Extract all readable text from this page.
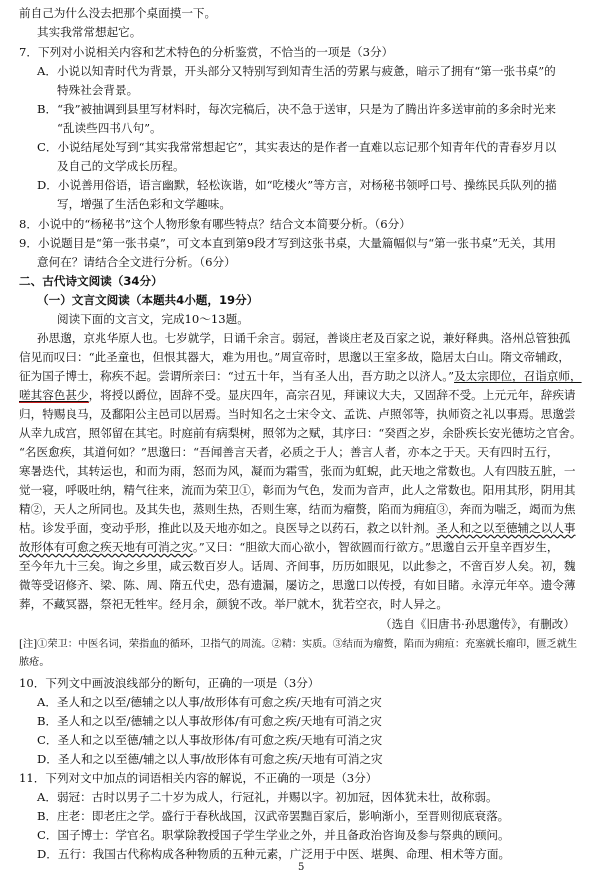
前自己为什么没去把那个桌面摸一下。
其实我常常想起它。
7．下列对小说相关内容和艺术特色的分析鉴赏，不恰当的一项是（3分）
A．小说以知青时代为背景，开头部分又特别写到知青生活的劳累与疲惫，暗示了拥有“第一张书桌”的
特殊社会背景。
B．“我”被抽调到县里写材料时，每次完稿后，决不急于送审，只是为了腾出许多送审前的多余时光来
“乱读些四书八句”。
C．小说结尾处写到“其实我常常想起它”，其实表达的是作者一直难以忘记那个知青年代的青春岁月以
及自己的文学成长历程。
D．小说善用俗语，语言幽默，轻松诙谐，如“吃楼火”等方言，对杨秘书领呼口号、操练民兵队列的描
写，增强了生活色彩和文学趣味。
8．小说中的“杨秘书”这个人物形象有哪些特点？结合文本简要分析。（6分）
9．小说题目是“第一张书桌”，可文本直到第9段才写到这张书桌，大量篇幅似与“第一张书桌”无关，其用
意何在？请结合全文进行分析。（6分）
二、古代诗文阅读（34分）
（一）文言文阅读（本题共4小题，19分）
阅读下面的文言文，完成10～13题。
孙思邈，京兆华原人也。七岁就学，日诵千余言。弱冠，善谈庄老及百家之说，兼好释典。洛州总管独孤
信见而叹曰：“此圣童也，但恨其器大，难为用也。”周宣帝时，思邈以王室多故，隐居太白山。隋文帝辅政，
征为国子博士，称疾不起。尝谓所亲曰：“过五十年，当有圣人出，吾方助之以济人。”及太宗即位，召诣京师，
嗟其容色甚少，将授以爵位，固辞不受。显庆四年，高宗召见，拜谏议大夫，又固辞不受。上元元年，辞疾请
归，特赐良马，及鄱阳公主邑司以居焉。当时知名之士宋令文、孟诜、卢照邻等，执师资之礼以事焉。思邈尝
从幸九成宫，照邻留在其宅。时庭前有病梨树，照邻为之赋，其序曰：“癸酉之岁，余卧疾长安光德坊之官舍。
“名医愈疾，其道何如？”思邈曰：“吾闻善言天者，必质之于人；善言人者，亦本之于天。天有四时五行，
寒暑迭代，其转运也，和而为雨，怒而为风，凝而为霜雪，张而为虹蜺，此天地之常数也。人有四肢五脏，一
觉一寝，呼吸吐纳，精气往来，流而为荣卫①，彰而为气色，发而为音声，此人之常数也。阳用其形，阴用其
精②，天人之所同也。及其失也，蒸则生热，否则生寒，结而为瘤赘，陷而为痈疽③，奔而为喘乏，竭而为焦
枯。诊发乎面，变动乎形，推此以及天地亦如之。良医导之以药石，救之以针剂。圣人和之以至德辅之以人事
故形体有可愈之疾天地有可消之灾。”又曰：“胆欲大而心欲小，智欲圆而行欲方。”思邈自云开皇辛酉岁生，
至今年九十三矣。询之乡里，咸云数百岁人。话周、齐间事，历历如眼见，以此参之，不啻百岁人矣。初，魏
微等受诏修齐、梁、陈、周、隋五代史，恐有遗漏，屡访之，思邈口以传授，有如目睹。永淳元年卒。遗令薄
葬，不藏冥器，祭祀无牲牢。经月余，颜貌不改。举尸就木，犹若空衣，时人异之。
（选自《旧唐书·孙思邈传》，有删改）
[注]①荣卫：中医名词，荣指血的循环，卫指气的周流。②精：实质。③结而为瘤赘，陷而为痈疽：充塞就长瘤印，匮乏就生
脓疮。
10．下列文中画波浪线部分的断句，正确的一项是（3分）
A．圣人和之以至/德辅之以人事/故形体有可愈之疾/天地有可消之灾
B．圣人和之以至/德辅之以人事故形体/有可愈之疾/天地有可消之灾
C．圣人和之以至德/辅之以人事故形体/有可愈之疾/天地有可消之灾
D．圣人和之以至德/辅之以人事/故形体有可愈之疾/天地有可消之灾
11．下列对文中加点的词语相关内容的解说，不正确的一项是（3分）
A．弱冠：古时以男子二十岁为成人，行冠礼，并赐以字。初加冠，因体犹未壮，故称弱。
B．庄老：即老庄之学。盛行于春秋战国，汉武帝罢黜百家后，影响渐小，至晋则彻底衰落。
C．国子博士：学官名。职掌除教授国子学生学业之外，并且备政治咨询及参与祭典的顾问。
D．五行：我国古代称构成各种物质的五种元素，广泛用于中医、堪舆、命理、相术等方面。
5
